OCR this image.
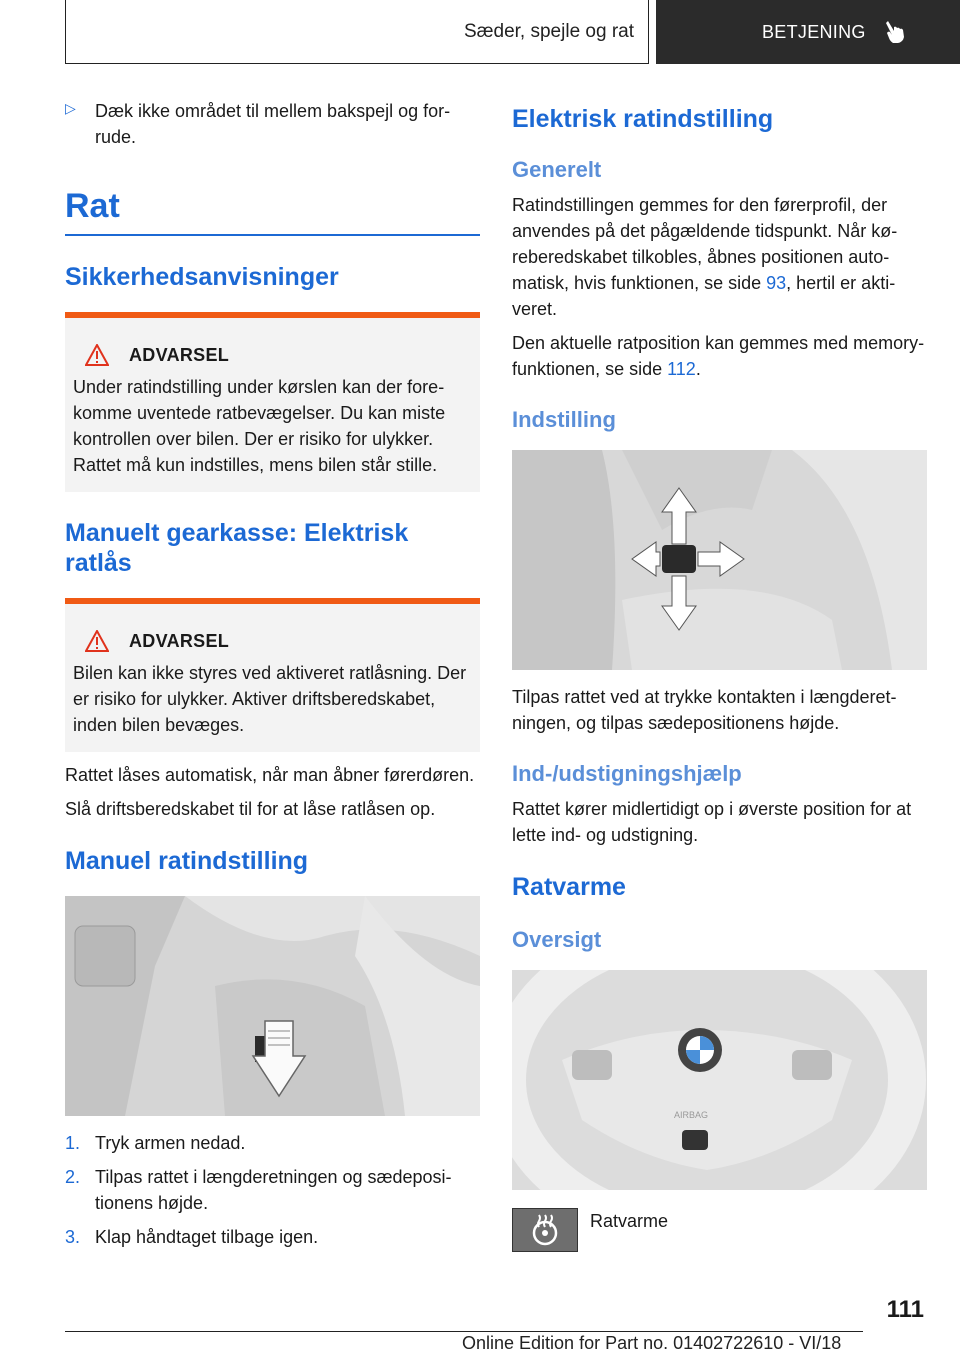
Sæder, spejle og rat	BETJENING
▷	Dæk ikke området til mellem bakspejl og forrude.

Rat
Sikkerhedsanvisninger
ADVARSEL

Under ratindstilling under kørslen kan der forekomme uventede ratbevægelser. Du kan miste kontrollen over bilen. Der er risiko for ulykker. Rattet må kun indstilles, mens bilen står stille.

Manuelt gearkasse: Elektrisk ratlås
ADVARSEL

Bilen kan ikke styres ved aktiveret ratlåsning. Der er risiko for ulykker. Aktiver driftsberedskabet, inden bilen bevæges.

Rattet låses automatisk, når man åbner førerdøren.

Slå driftsberedskabet til for at låse ratlåsen op.

Manuel ratindstilling
1. Tryk armen nedad.

2. Tilpas rattet i længderetningen og sædepositionens højde.

3. Klap håndtaget tilbage igen.

Elektrisk ratindstilling
Generelt

Ratindstillingen gemmes for den førerprofil, der anvendes på det pågældende tidspunkt. Når køreberedskabet tilkobles, åbnes positionen automatisk, hvis funktionen, se side 93, hertil er aktiveret.

Den aktuelle ratposition kan gemmes med memory-funktionen, se side 112.

Indstilling

Tilpas rattet ved at trykke kontakten i længderetningen, og tilpas sædepositionens højde.

Ind-/udstigningshjælp

Rattet kører midlertidigt op i øverste position for at lette ind- og udstigning.

Ratvarme
Oversigt
AIRBAG

Ratvarme

111
Online Edition for Part no. 01402722610 - VI/18
